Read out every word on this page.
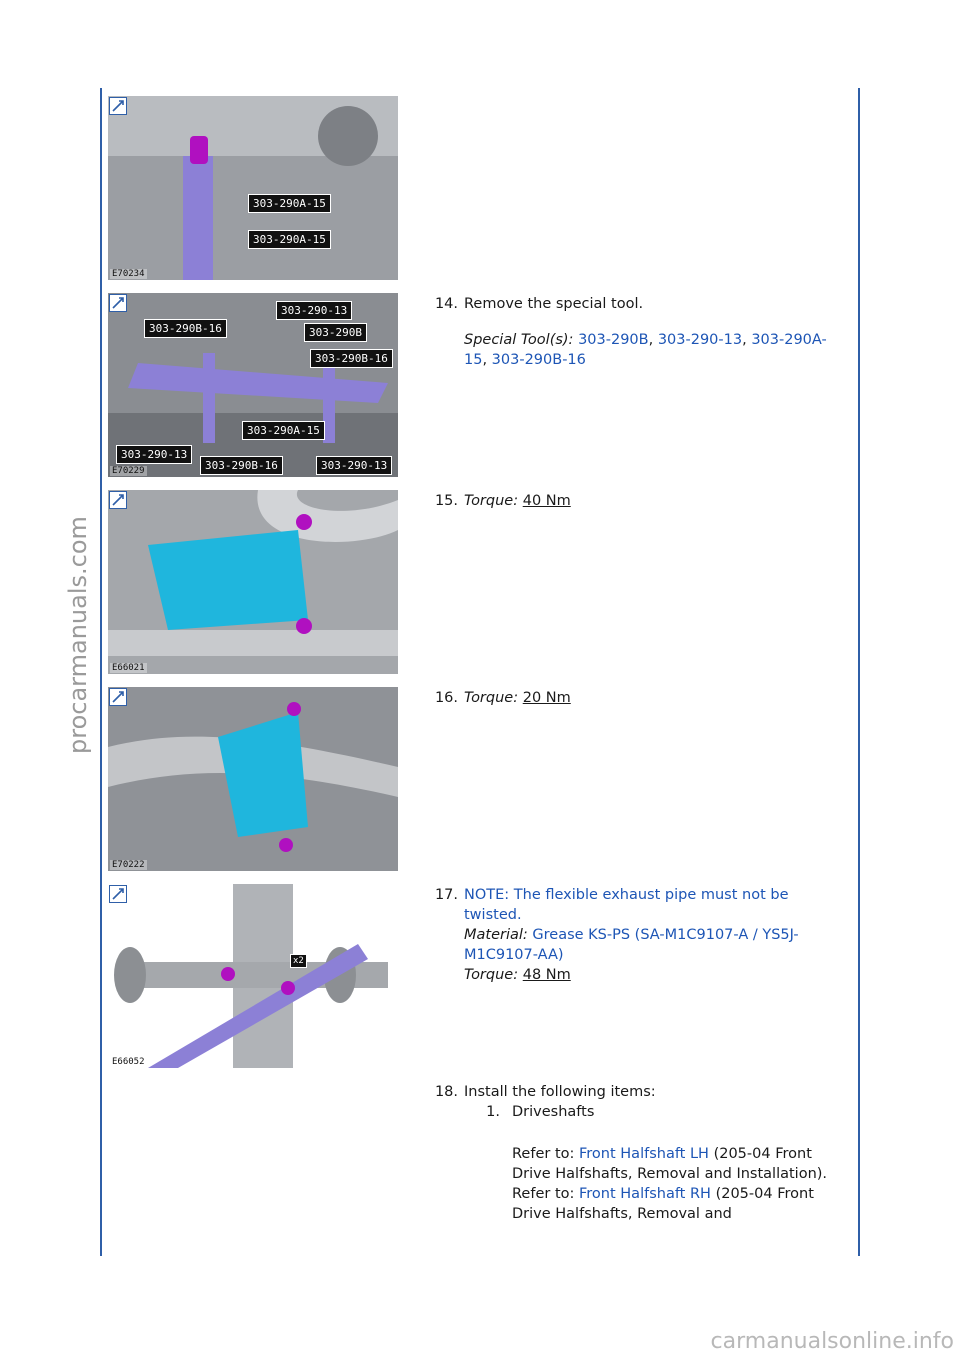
procarmanuals.com
carmanualsonline.info
303-290A-15
303-290A-15
E70234
303-290B-16
303-290-13
303-290B
303-290B-16
303-290A-15
303-290-13
303-290B-16	303-290-13
E70229
E66021
E70222
x2
E66052
14. Remove the special tool.
Special Tool(s): 303-290B, 303-290-13, 303-290A-15, 303-290B-16
15. Torque: 40 Nm
16. Torque: 20 Nm
17. NOTE: The flexible exhaust pipe must not be twisted.
Material: Grease KS-PS (SA-M1C9107-A / YS5J-M1C9107-AA)
Torque: 48 Nm
18. Install the following items:
1. Driveshafts
Refer to: Front Halfshaft LH (205-04 Front Drive Halfshafts, Removal and Installation).
Refer to: Front Halfshaft RH (205-04 Front Drive Halfshafts, Removal and
